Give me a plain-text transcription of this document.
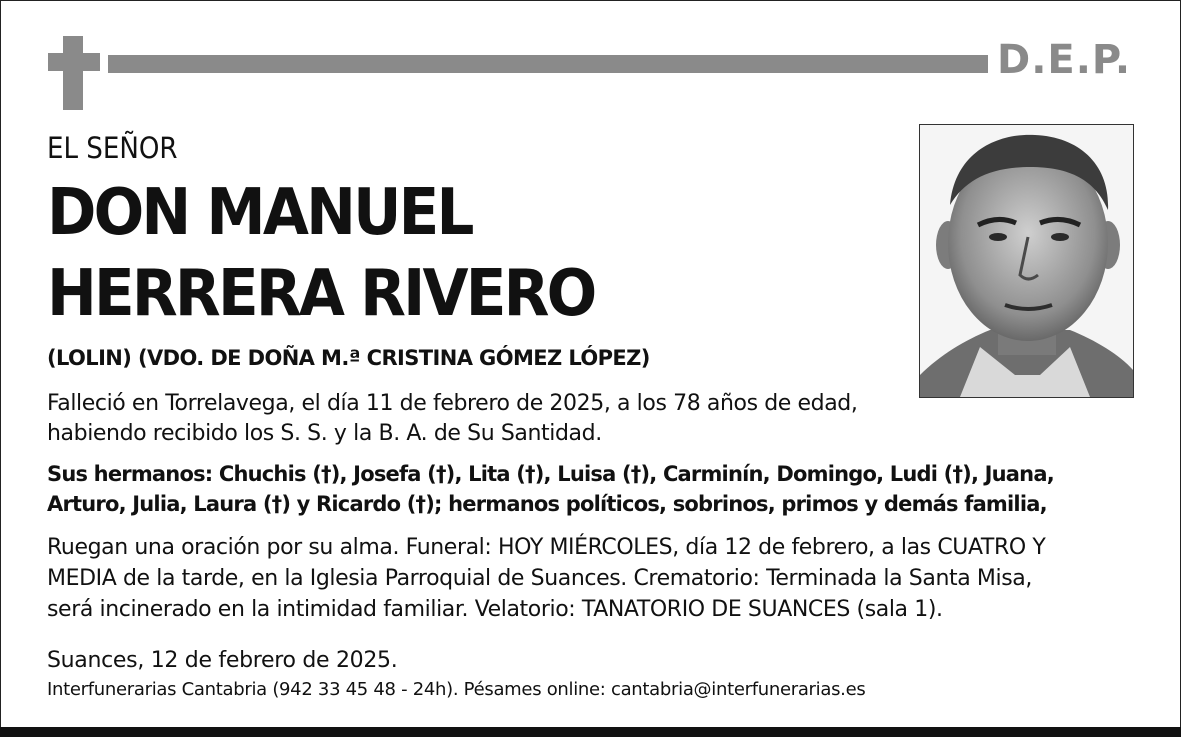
D.E.P.
EL SEÑOR
DON MANUEL
HERRERA RIVERO
(LOLIN) (VDO. DE DOÑA M.ª CRISTINA GÓMEZ LÓPEZ)
Falleció en Torrelavega, el día 11 de febrero de 2025, a los 78 años de edad,
habiendo recibido los S. S. y la B. A. de Su Santidad.
Sus hermanos: Chuchis (†), Josefa (†), Lita (†), Luisa (†), Carminín, Domingo, Ludi (†), Juana,
Arturo, Julia, Laura (†) y Ricardo (†); hermanos políticos, sobrinos, primos y demás familia,
Ruegan una oración por su alma. Funeral: HOY MIÉRCOLES, día 12 de febrero, a las CUATRO Y
MEDIA de la tarde, en la Iglesia Parroquial de Suances. Crematorio: Terminada la Santa Misa,
será incinerado en la intimidad familiar. Velatorio: TANATORIO DE SUANCES (sala 1).
Suances, 12 de febrero de 2025.
Interfunerarias Cantabria (942 33 45 48 - 24h). Pésames online: cantabria@interfunerarias.es
